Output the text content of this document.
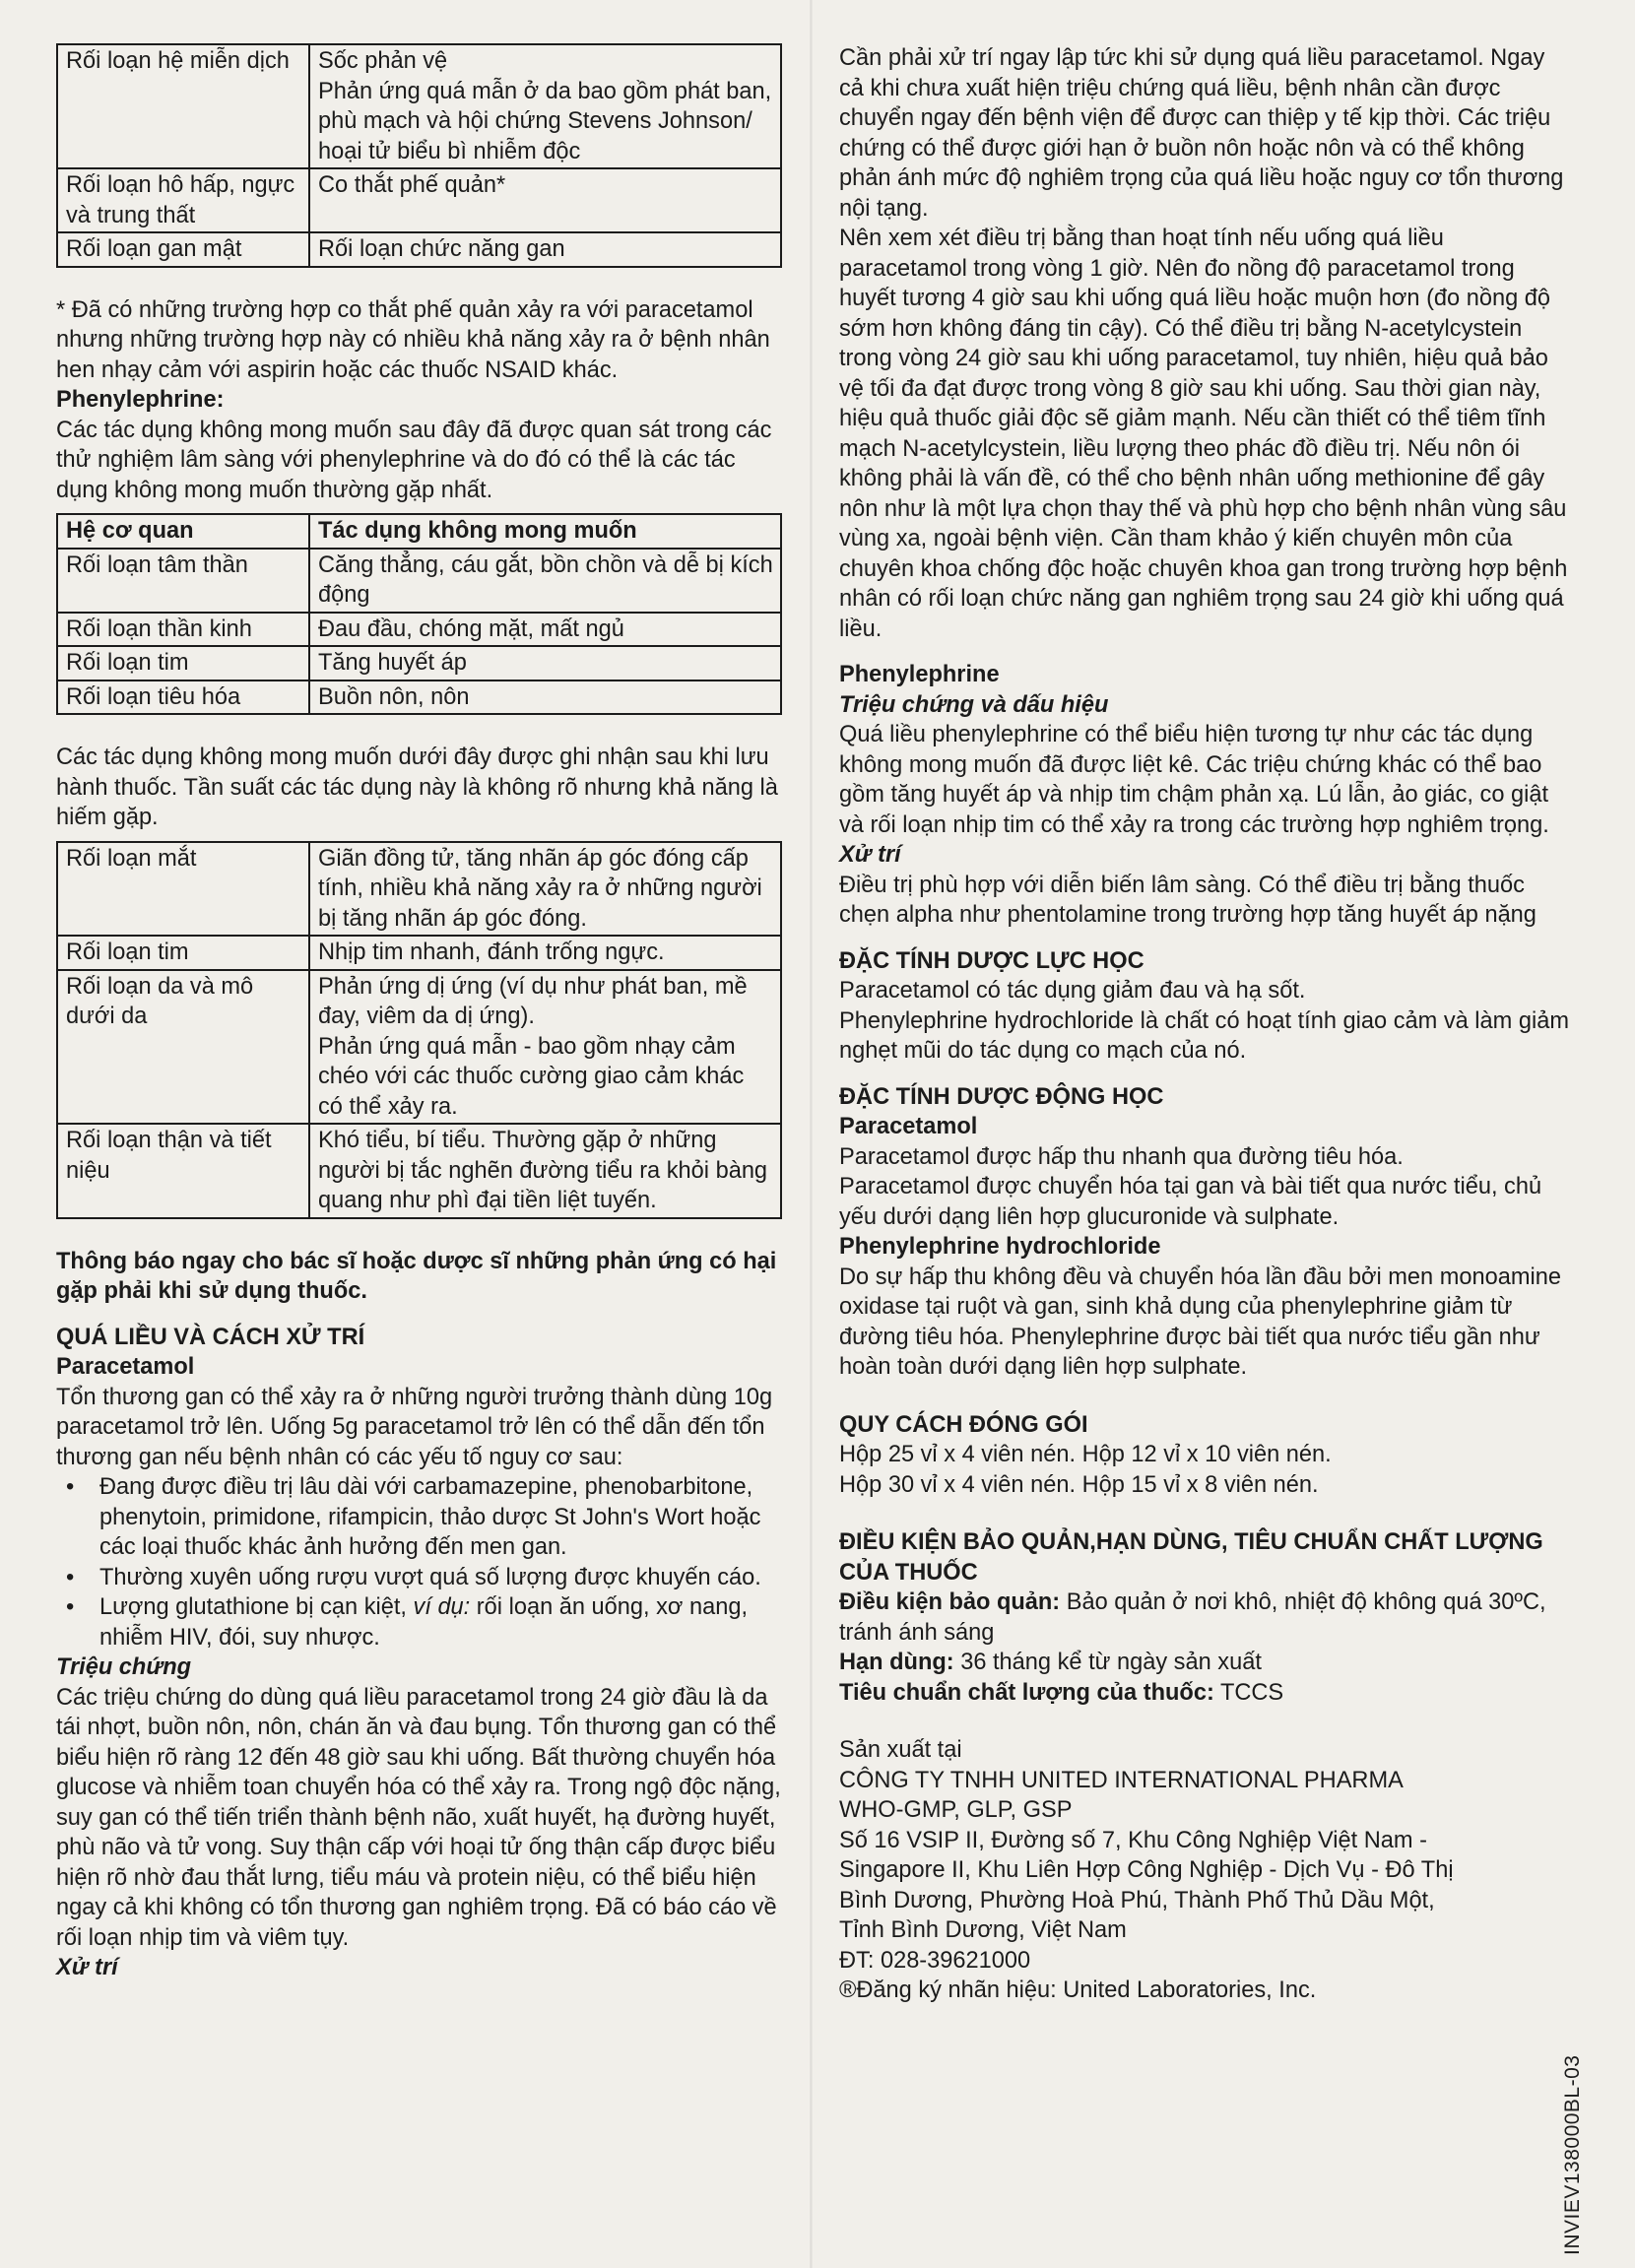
Rối loạn hệ miễn dịch	Sốc phản vệ
Phản ứng quá mẫn ở da bao gồm phát ban, phù mạch và hội chứng Stevens Johnson/ hoại tử biểu bì nhiễm độc

Rối loạn hô hấp, ngực và trung thất	Co thắt phế quản*
Rối loạn gan mật	Rối loạn chức năng gan

* Đã có những trường hợp co thắt phế quản xảy ra với paracetamol nhưng những trường hợp này có nhiều khả năng xảy ra ở bệnh nhân hen nhạy cảm với aspirin hoặc các thuốc NSAID khác.

Phenylephrine:

Các tác dụng không mong muốn sau đây đã được quan sát trong các thử nghiệm lâm sàng với phenylephrine và do đó có thể là các tác dụng không mong muốn thường gặp nhất.

Hệ cơ quan	Tác dụng không mong muốn
Rối loạn tâm thần	Căng thẳng, cáu gắt, bồn chồn và dễ bị kích động
Rối loạn thần kinh	Đau đầu, chóng mặt, mất ngủ
Rối loạn tim	Tăng huyết áp
Rối loạn tiêu hóa	Buồn nôn, nôn

Các tác dụng không mong muốn dưới đây được ghi nhận sau khi lưu hành thuốc. Tần suất các tác dụng này là không rõ nhưng khả năng là hiếm gặp.

Rối loạn mắt	Giãn đồng tử, tăng nhãn áp góc đóng cấp tính, nhiều khả năng xảy ra ở những người bị tăng nhãn áp góc đóng.
Rối loạn tim	Nhịp tim nhanh, đánh trống ngực.
Rối loạn da và mô dưới da	Phản ứng dị ứng (ví dụ như phát ban, mề đay, viêm da dị ứng).
Phản ứng quá mẫn - bao gồm nhạy cảm chéo với các thuốc cường giao cảm khác có thể xảy ra.

Rối loạn thận và tiết niệu	Khó tiểu, bí tiểu. Thường gặp ở những người bị tắc nghẽn đường tiểu ra khỏi bàng quang như phì đại tiền liệt tuyến.

Thông báo ngay cho bác sĩ hoặc dược sĩ những phản ứng có hại gặp phải khi sử dụng thuốc.

QUÁ LIỀU VÀ CÁCH XỬ TRÍ

Paracetamol

Tổn thương gan có thể xảy ra ở những người trưởng thành dùng 10g paracetamol trở lên. Uống 5g paracetamol trở lên có thể dẫn đến tổn thương gan nếu bệnh nhân có các yếu tố nguy cơ sau:

• Đang được điều trị lâu dài với carbamazepine, phenobarbitone, phenytoin, primidone, rifampicin, thảo dược St John's Wort hoặc các loại thuốc khác ảnh hưởng đến men gan.
• Thường xuyên uống rượu vượt quá số lượng được khuyến cáo.
• Lượng glutathione bị cạn kiệt, ví dụ: rối loạn ăn uống, xơ nang, nhiễm HIV, đói, suy nhược.

Triệu chứng

Các triệu chứng do dùng quá liều paracetamol trong 24 giờ đầu là da tái nhợt, buồn nôn, nôn, chán ăn và đau bụng. Tổn thương gan có thể biểu hiện rõ ràng 12 đến 48 giờ sau khi uống. Bất thường chuyển hóa glucose và nhiễm toan chuyển hóa có thể xảy ra. Trong ngộ độc nặng, suy gan có thể tiến triển thành bệnh não, xuất huyết, hạ đường huyết, phù não và tử vong. Suy thận cấp với hoại tử ống thận cấp được biểu hiện rõ nhờ đau thắt lưng, tiểu máu và protein niệu, có thể biểu hiện ngay cả khi không có tổn thương gan nghiêm trọng. Đã có báo cáo về rối loạn nhịp tim và viêm tụy.

Xử trí

Cần phải xử trí ngay lập tức khi sử dụng quá liều paracetamol. Ngay cả khi chưa xuất hiện triệu chứng quá liều, bệnh nhân cần được chuyển ngay đến bệnh viện để được can thiệp y tế kịp thời. Các triệu chứng có thể được giới hạn ở buồn nôn hoặc nôn và có thể không phản ánh mức độ nghiêm trọng của quá liều hoặc nguy cơ tổn thương nội tạng.

Nên xem xét điều trị bằng than hoạt tính nếu uống quá liều paracetamol trong vòng 1 giờ. Nên đo nồng độ paracetamol trong huyết tương 4 giờ sau khi uống quá liều hoặc muộn hơn (đo nồng độ sớm hơn không đáng tin cậy). Có thể điều trị bằng N-acetylcystein trong vòng 24 giờ sau khi uống paracetamol, tuy nhiên, hiệu quả bảo vệ tối đa đạt được trong vòng 8 giờ sau khi uống. Sau thời gian này, hiệu quả thuốc giải độc sẽ giảm mạnh. Nếu cần thiết có thể tiêm tĩnh mạch N-acetylcystein, liều lượng theo phác đồ điều trị. Nếu nôn ói không phải là vấn đề, có thể cho bệnh nhân uống methionine để gây nôn như là một lựa chọn thay thế và phù hợp cho bệnh nhân vùng sâu vùng xa, ngoài bệnh viện. Cần tham khảo ý kiến chuyên môn của chuyên khoa chống độc hoặc chuyên khoa gan trong trường hợp bệnh nhân có rối loạn chức năng gan nghiêm trọng sau 24 giờ khi uống quá liều.

Phenylephrine

Triệu chứng và dấu hiệu

Quá liều phenylephrine có thể biểu hiện tương tự như các tác dụng không mong muốn đã được liệt kê. Các triệu chứng khác có thể bao gồm tăng huyết áp và nhịp tim chậm phản xạ. Lú lẫn, ảo giác, co giật và rối loạn nhịp tim có thể xảy ra trong các trường hợp nghiêm trọng.

Xử trí

Điều trị phù hợp với diễn biến lâm sàng. Có thể điều trị bằng thuốc chẹn alpha như phentolamine trong trường hợp tăng huyết áp nặng

ĐẶC TÍNH DƯỢC LỰC HỌC

Paracetamol có tác dụng giảm đau và hạ sốt.

Phenylephrine hydrochloride là chất có hoạt tính giao cảm và làm giảm nghẹt mũi do tác dụng co mạch của nó.

ĐẶC TÍNH DƯỢC ĐỘNG HỌC

Paracetamol

Paracetamol được hấp thu nhanh qua đường tiêu hóa.

Paracetamol được chuyển hóa tại gan và bài tiết qua nước tiểu, chủ yếu dưới dạng liên hợp glucuronide và sulphate.

Phenylephrine hydrochloride

Do sự hấp thu không đều và chuyển hóa lần đầu bởi men monoamine oxidase tại ruột và gan, sinh khả dụng của phenylephrine giảm từ đường tiêu hóa. Phenylephrine được bài tiết qua nước tiểu gần như hoàn toàn dưới dạng liên hợp sulphate.

QUY CÁCH ĐÓNG GÓI

Hộp 25 vỉ x 4 viên nén. Hộp 12 vỉ x 10 viên nén.

Hộp 30 vỉ x 4 viên nén. Hộp 15 vỉ x 8 viên nén.

ĐIỀU KIỆN BẢO QUẢN,HẠN DÙNG, TIÊU CHUẨN CHẤT LƯỢNG CỦA THUỐC

Điều kiện bảo quản: Bảo quản ở nơi khô, nhiệt độ không quá 30ºC, tránh ánh sáng

Hạn dùng: 36 tháng kể từ ngày sản xuất

Tiêu chuẩn chất lượng của thuốc: TCCS

Sản xuất tại

CÔNG TY TNHH UNITED INTERNATIONAL PHARMA

WHO-GMP, GLP, GSP

Số 16 VSIP II, Đường số 7, Khu Công Nghiệp Việt Nam -

Singapore II, Khu Liên Hợp Công Nghiệp - Dịch Vụ - Đô Thị

Bình Dương, Phường Hoà Phú, Thành Phố Thủ Dầu Một,

Tỉnh Bình Dương, Việt Nam

ĐT: 028-39621000

®Đăng ký nhãn hiệu: United Laboratories, Inc.

INVIEV138000BL-03
